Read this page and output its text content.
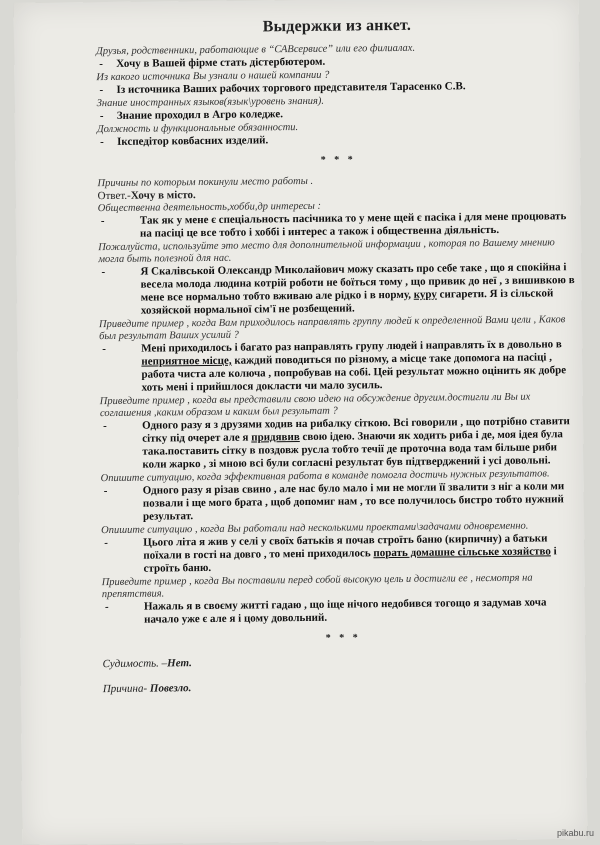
Выдержки из анкет.

Друзья, родственники, работающие в “САВсервисе” или его филиалах.

- Хочу в Вашей фірме стать дістербютером.

Из какого источника Вы узнали о нашей компании ?

- Із источника Ваших рабочих торгового представителя Тарасенко С.В.

Знание иностранных языков(язык\уровень знания).

- Знание проходил в Агро коледже.

Должность и функциональные обязанности.

- Ікспедітор ковбасних изделий.

* * *

Причины по которым покинули место работы .

Ответ.-Хочу в місто.

Общественна деятельность,хобби,др интересы :

- Так як у мене є спеціальность пасічника то у мене щей є пасіка і для мене процювать на пасіці це все тобто і хоббі і интерес а також і общественна діяльність.

Пожалуйста, используйте это место для дополнительной информации , которая по Вашему мнению могла быть полезной для нас.

- Я Скалівськой Олександр Миколайович можу сказать про себе таке , що я спокійна і весела молода людина котрій роботи не боїться тому , що привик до неї , з вишивкою в мене все нормально тобто вживаю але рідко і в норму, куру сигарети. Я із сільской хозяйской нормальної сім'ї не розбещений.

Приведите пример , когда Вам приходилось направлять группу людей к определенной Вами цели , Каков был результат Ваших усилий ?

- Мені приходилось і багато раз направлять групу людей і направлять їх в довольно в неприятное місце, каждий поводиться по різному, а місце таке допомога на пасіці , работа чиста але колюча , попробував на собі. Цей результат можно оцінить як добре хоть мені і прийшлося докласти чи мало зусиль.

Приведите пример , когда вы представили свою идею на обсуждение другим.достигли ли Вы их соглашения ,каким образом и каким был результат ?

- Одного разу я з друзями ходив на рибалку сіткою. Всі говорили , що потрібно ставити сітку під очерет але я придявив свою ідею. Знаючи як ходить риба і де, моя ідея була така.поставить сітку в поздовж русла тобто течії де проточна вода там більше риби коли жарко , зі мною всі були согласні результат був підтверджений і усі довольні.

Опишите ситуацию, когда эффективная работа в команде помогла достичь нужных результатов.

- Одного разу я різав свино , але нас було мало і ми не могли її звалити з ніг а коли ми позвали і ще мого брата , щоб допомиг нам , то все получилось бистро тобто нужний результат.

Опишите ситуацию , когда Вы работали над несколькими проектами\задачами одновременно.

- Цього літа я жив у селі у своїх батьків я почав строїть баню (кирпичну) а батьки поїхали в гості на довго , то мені приходилось порать домашне сільське хозяйство і строїть баню.

Приведите пример , когда Вы поставили перед собой высокую цель и достигли ее , несмотря на препятствия.

- Нажаль я в своєму житті гадаю , що іще нічого недобився тогощо я задумав хоча начало уже є але я і цому довольний.

* * *

Судимость. –Нет.

Причина- Повезло.

pikabu.ru
